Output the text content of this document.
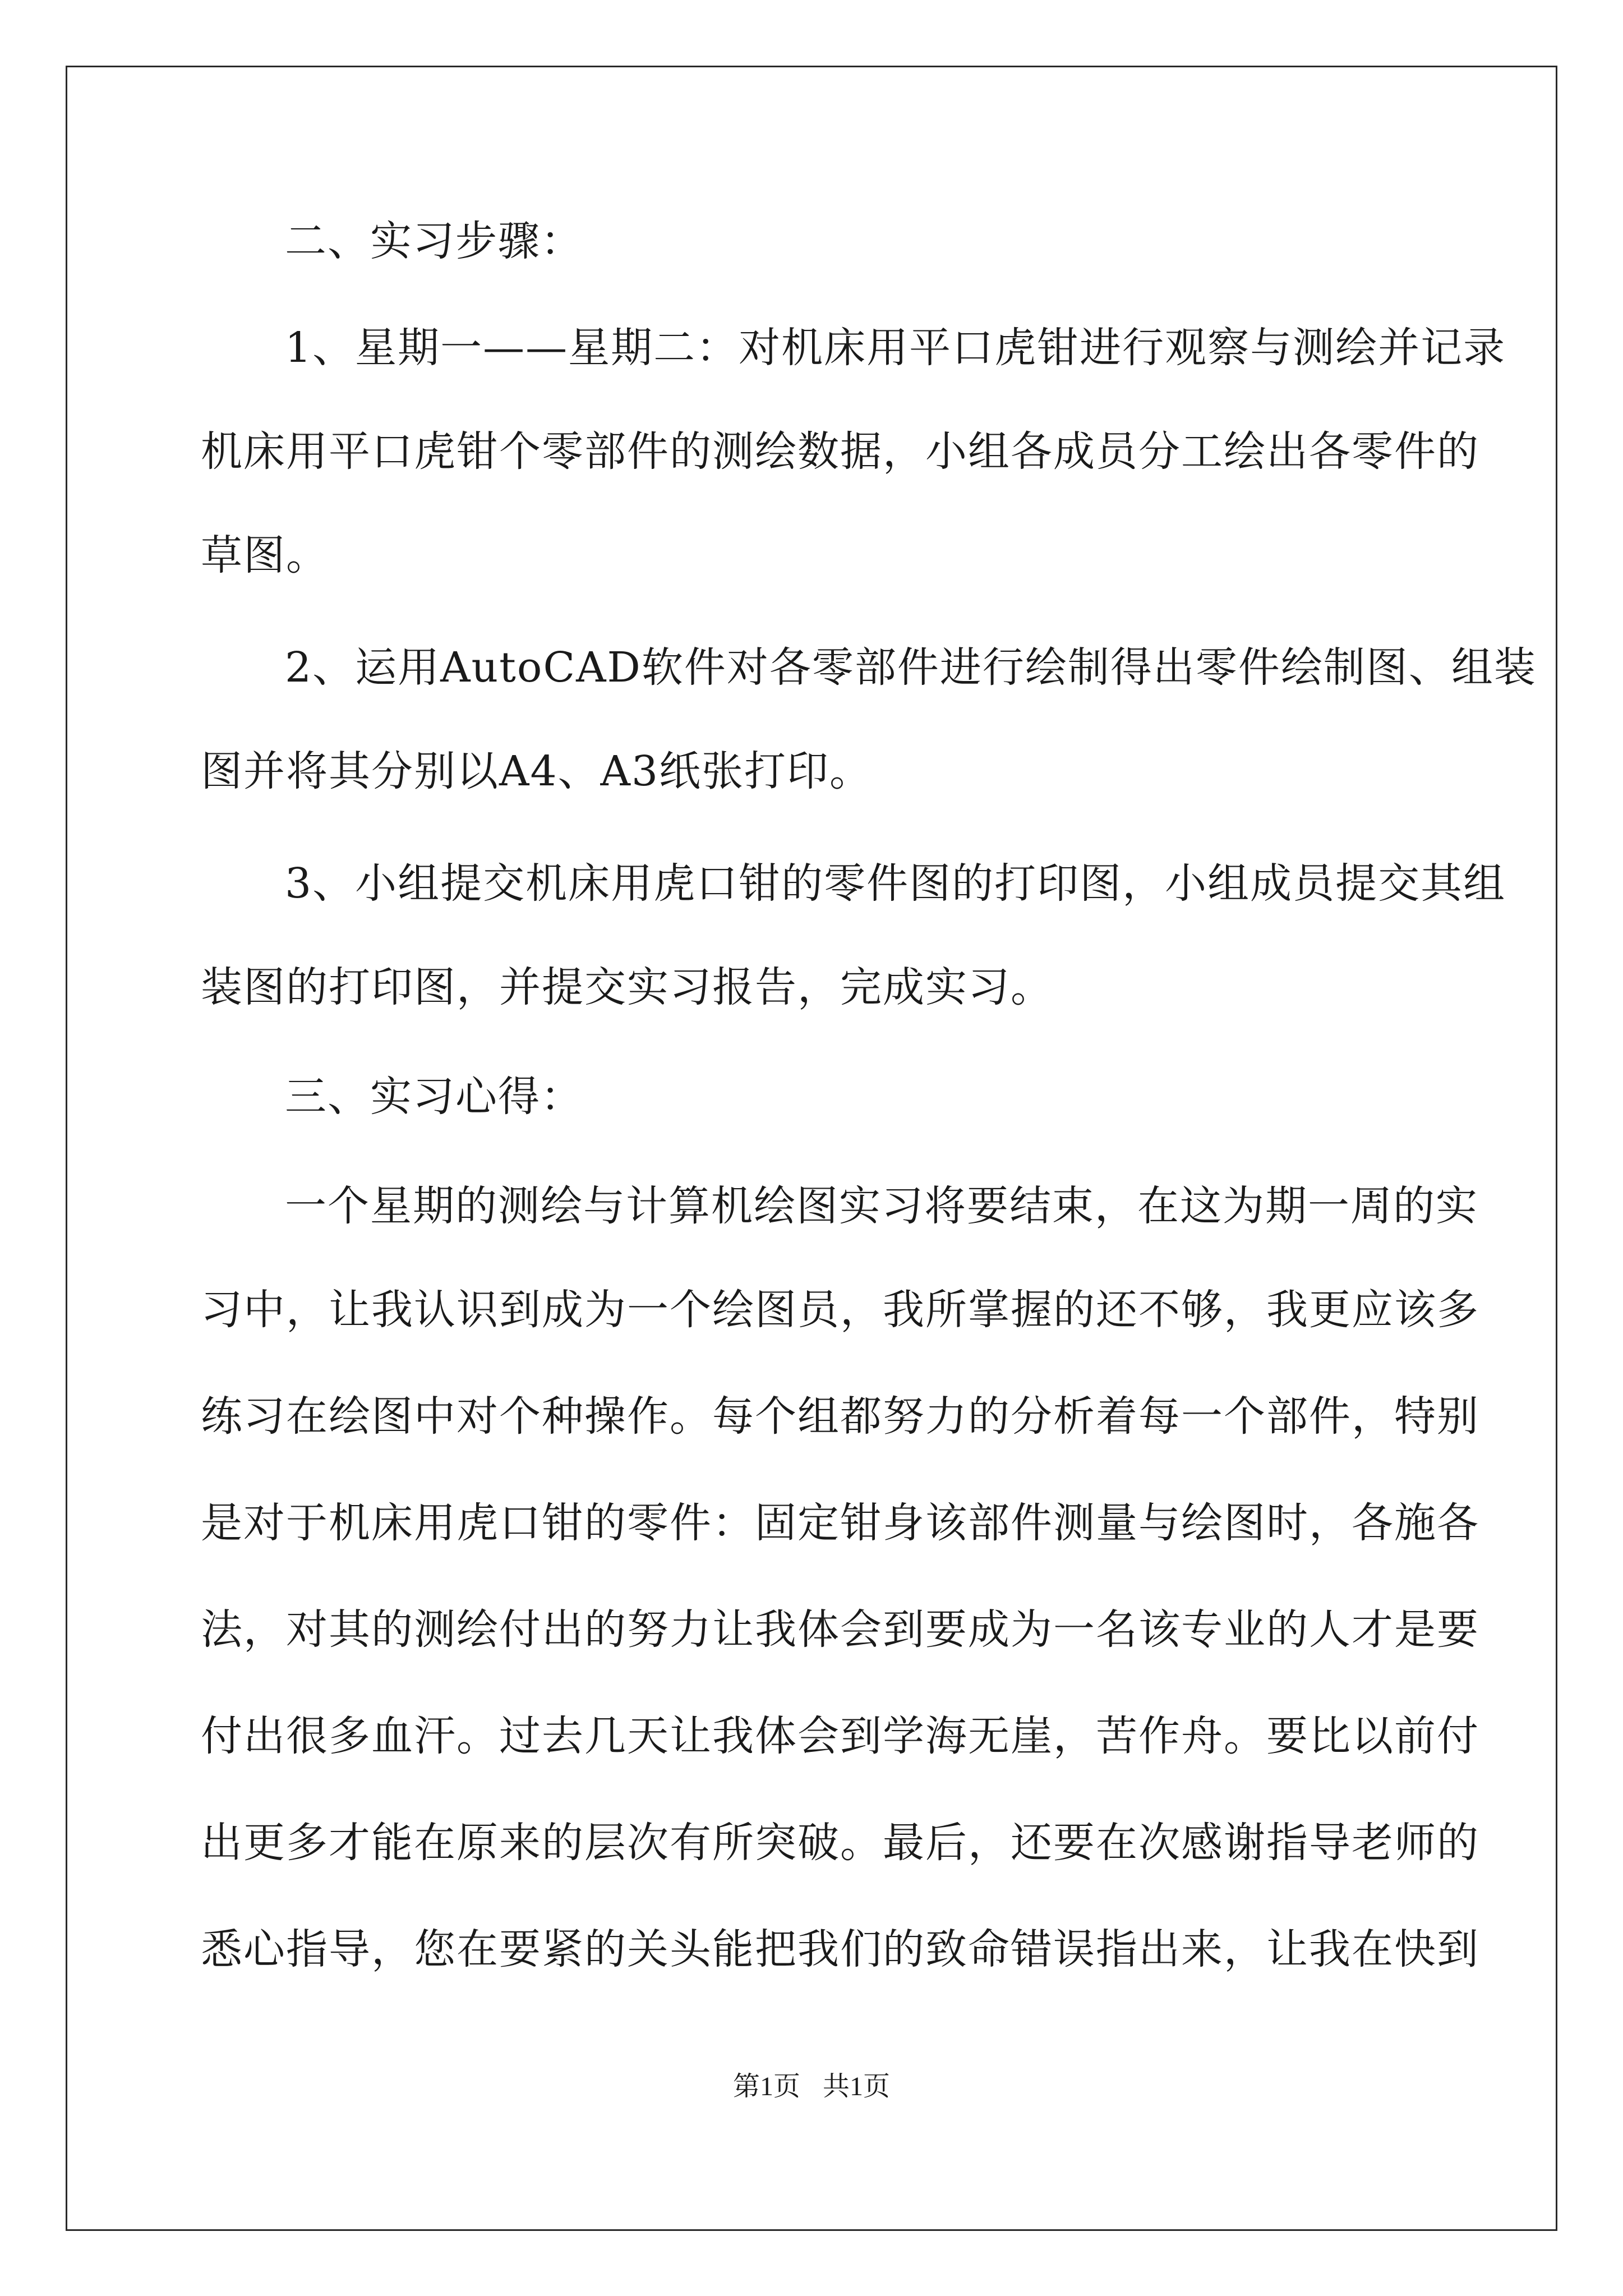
二、实习步骤：
1、星期一——星期二：对机床用平口虎钳进行观察与测绘并记录
机床用平口虎钳个零部件的测绘数据，小组各成员分工绘出各零件的
草图。
2、运用AutoCAD软件对各零部件进行绘制得出零件绘制图、组装
图并将其分别以A4、A3纸张打印。
3、小组提交机床用虎口钳的零件图的打印图，小组成员提交其组
装图的打印图，并提交实习报告，完成实习。
三、实习心得：
一个星期的测绘与计算机绘图实习将要结束，在这为期一周的实
习中，让我认识到成为一个绘图员，我所掌握的还不够，我更应该多
练习在绘图中对个种操作。每个组都努力的分析着每一个部件，特别
是对于机床用虎口钳的零件：固定钳身该部件测量与绘图时，各施各
法，对其的测绘付出的努力让我体会到要成为一名该专业的人才是要
付出很多血汗。过去几天让我体会到学海无崖，苦作舟。要比以前付
出更多才能在原来的层次有所突破。最后，还要在次感谢指导老师的
悉心指导，您在要紧的关头能把我们的致命错误指出来，让我在快到
第1页 共1页
